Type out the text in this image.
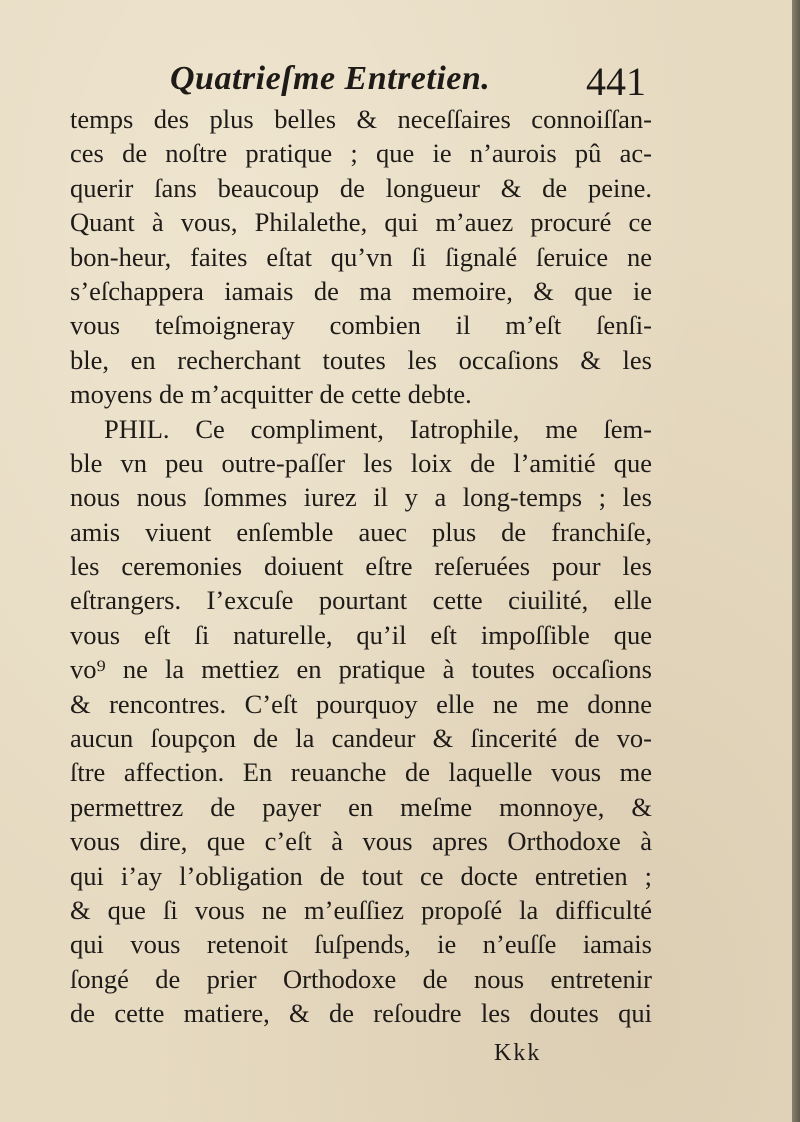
Quatrieſme Entretien. 441
temps des plus belles & neceſſaires connoiſſan-
ces de noſtre pratique ; que ie n’aurois pû ac-
querir ſans beaucoup de longueur & de peine.
Quant à vous, Philalethe, qui m’auez procuré ce
bon-heur, faites eſtat qu’vn ſi ſignalé ſeruice ne
s’eſchappera iamais de ma memoire, & que ie
vous teſmoigneray combien il m’eſt ſenſi-
ble, en recherchant toutes les occaſions & les
moyens de m’acquitter de cette debte.
PHIL. Ce compliment, Iatrophile, me ſem-
ble vn peu outre-paſſer les loix de l’amitié que
nous nous ſommes iurez il y a long-temps ; les
amis viuent enſemble auec plus de franchiſe,
les ceremonies doiuent eſtre reſeruées pour les
eſtrangers. I’excuſe pourtant cette ciuilité, elle
vous eſt ſi naturelle, qu’il eſt impoſſible que
vo⁹ ne la mettiez en pratique à toutes occaſions
& rencontres. C’eſt pourquoy elle ne me donne
aucun ſoupçon de la candeur & ſincerité de vo-
ſtre affection. En reuanche de laquelle vous me
permettrez de payer en meſme monnoye, &
vous dire, que c’eſt à vous apres Orthodoxe à
qui i’ay l’obligation de tout ce docte entretien ;
& que ſi vous ne m’euſſiez propoſé la difficulté
qui vous retenoit ſuſpends, ie n’euſſe iamais
ſongé de prier Orthodoxe de nous entretenir
de cette matiere, & de reſoudre les doutes qui
Kkk
